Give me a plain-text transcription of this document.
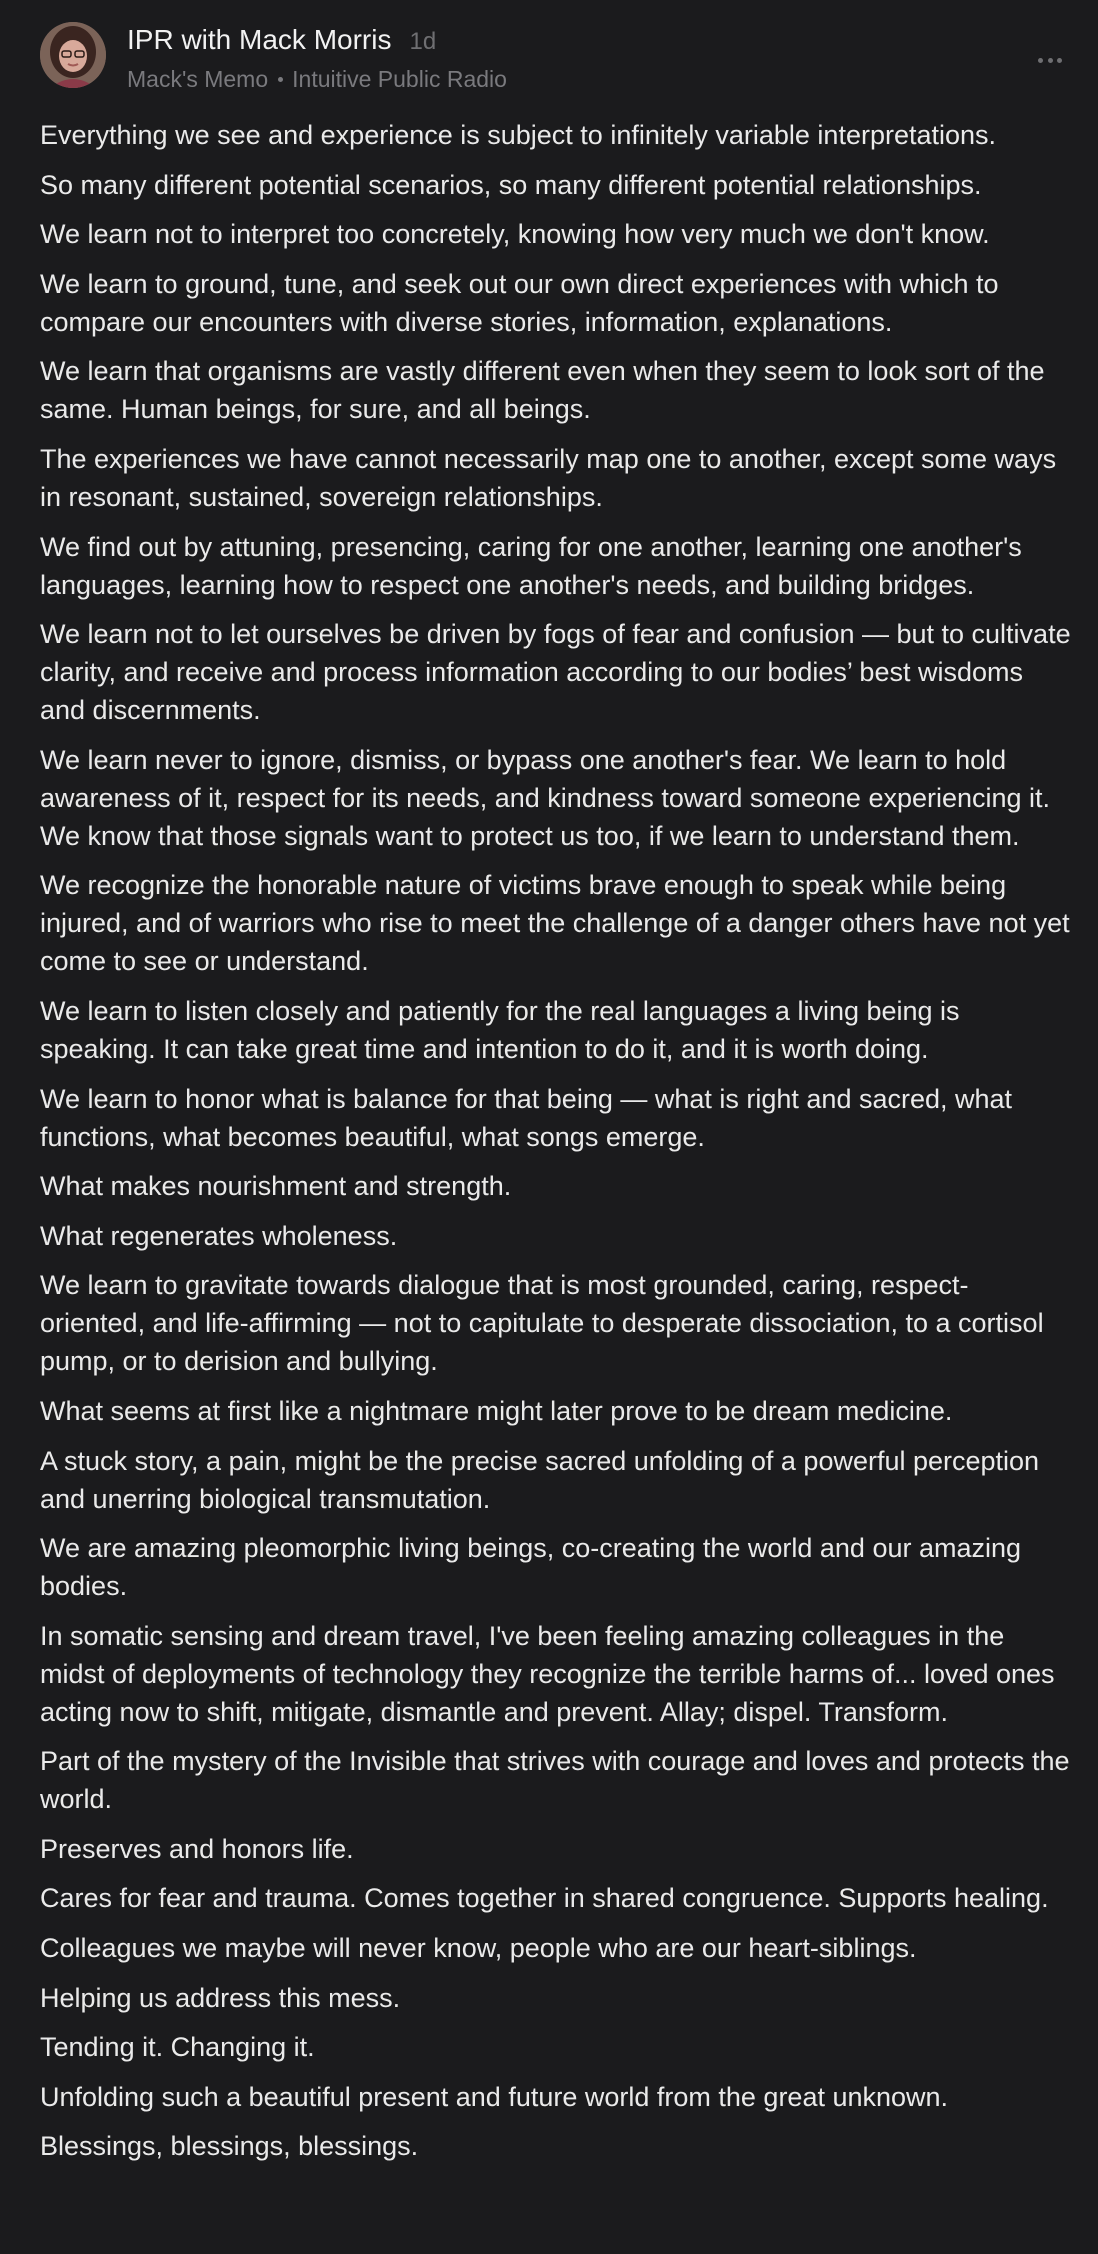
IPR with Mack Morris 1d
Mack's Memo Intuitive Public Radio

Everything we see and experience is subject to infinitely variable interpretations.

So many different potential scenarios, so many different potential relationships.

We learn not to interpret too concretely, knowing how very much we don't know.

We learn to ground, tune, and seek out our own direct experiences with which to compare our encounters with diverse stories, information, explanations.

We learn that organisms are vastly different even when they seem to look sort of the same. Human beings, for sure, and all beings.

The experiences we have cannot necessarily map one to another, except some ways in resonant, sustained, sovereign relationships.

We find out by attuning, presencing, caring for one another, learning one another's languages, learning how to respect one another's needs, and building bridges.

We learn not to let ourselves be driven by fogs of fear and confusion — but to cultivate clarity, and receive and process information according to our bodies’ best wisdoms and discernments.

We learn never to ignore, dismiss, or bypass one another's fear. We learn to hold awareness of it, respect for its needs, and kindness toward someone experiencing it. We know that those signals want to protect us too, if we learn to understand them.

We recognize the honorable nature of victims brave enough to speak while being injured, and of warriors who rise to meet the challenge of a danger others have not yet come to see or understand.

We learn to listen closely and patiently for the real languages a living being is speaking. It can take great time and intention to do it, and it is worth doing.

We learn to honor what is balance for that being — what is right and sacred, what functions, what becomes beautiful, what songs emerge.

What makes nourishment and strength.

What regenerates wholeness.

We learn to gravitate towards dialogue that is most grounded, caring, respect-oriented, and life-affirming — not to capitulate to desperate dissociation, to a cortisol pump, or to derision and bullying.

What seems at first like a nightmare might later prove to be dream medicine.

A stuck story, a pain, might be the precise sacred unfolding of a powerful perception and unerring biological transmutation.

We are amazing pleomorphic living beings, co-creating the world and our amazing bodies.

In somatic sensing and dream travel, I've been feeling amazing colleagues in the midst of deployments of technology they recognize the terrible harms of... loved ones acting now to shift, mitigate, dismantle and prevent. Allay; dispel. Transform.

Part of the mystery of the Invisible that strives with courage and loves and protects the world.

Preserves and honors life.

Cares for fear and trauma. Comes together in shared congruence. Supports healing.

Colleagues we maybe will never know, people who are our heart-siblings.

Helping us address this mess.

Tending it. Changing it.

Unfolding such a beautiful present and future world from the great unknown.

Blessings, blessings, blessings.
